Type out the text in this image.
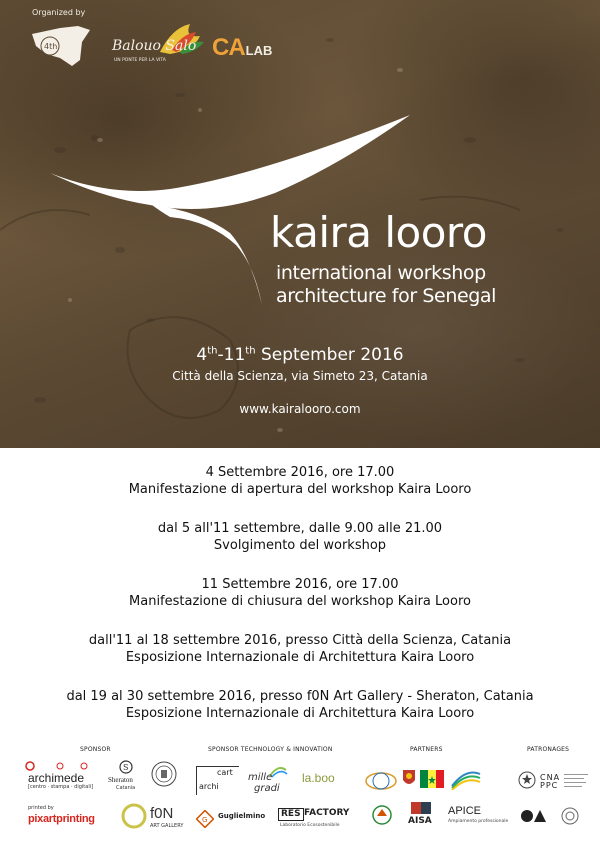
Organized by
4th	Balouo Salo
UN PONTE PER LA VITA CALAB
kaira looro
international workshop
architecture for Senegal
4th-11th September 2016
Città della Scienza, via Simeto 23, Catania
www.kairalooro.com
4 Settembre 2016, ore 17.00
Manifestazione di apertura del workshop Kaira Looro
dal 5 all'11 settembre, dalle 9.00 alle 21.00
Svolgimento del workshop
11 Settembre 2016, ore 17.00
Manifestazione di chiusura del workshop Kaira Looro
dall'11 al 18 settembre 2016, presso Città della Scienza, Catania
Esposizione Internazionale di Architettura Kaira Looro
dal 19 al 30 settembre 2016, presso f0N Art Gallery - Sheraton, Catania
Esposizione Internazionale di Architettura Kaira Looro
SPONSOR	SPONSOR TECHNOLOGY & INNOVATION	PARTNERS	PATRONAGES
archimede
[centro · stampa · digitali]
S
Sheraton
Catania
printed by
pixartprinting	f0N
ART GALLERY
cart
archi
mille
gradi
la.boo
G Guglielmino	RES FACTORY
Laboratorio Ecosostenibile	AISA
APICE
Ampiamento professionale
CNA PPC
